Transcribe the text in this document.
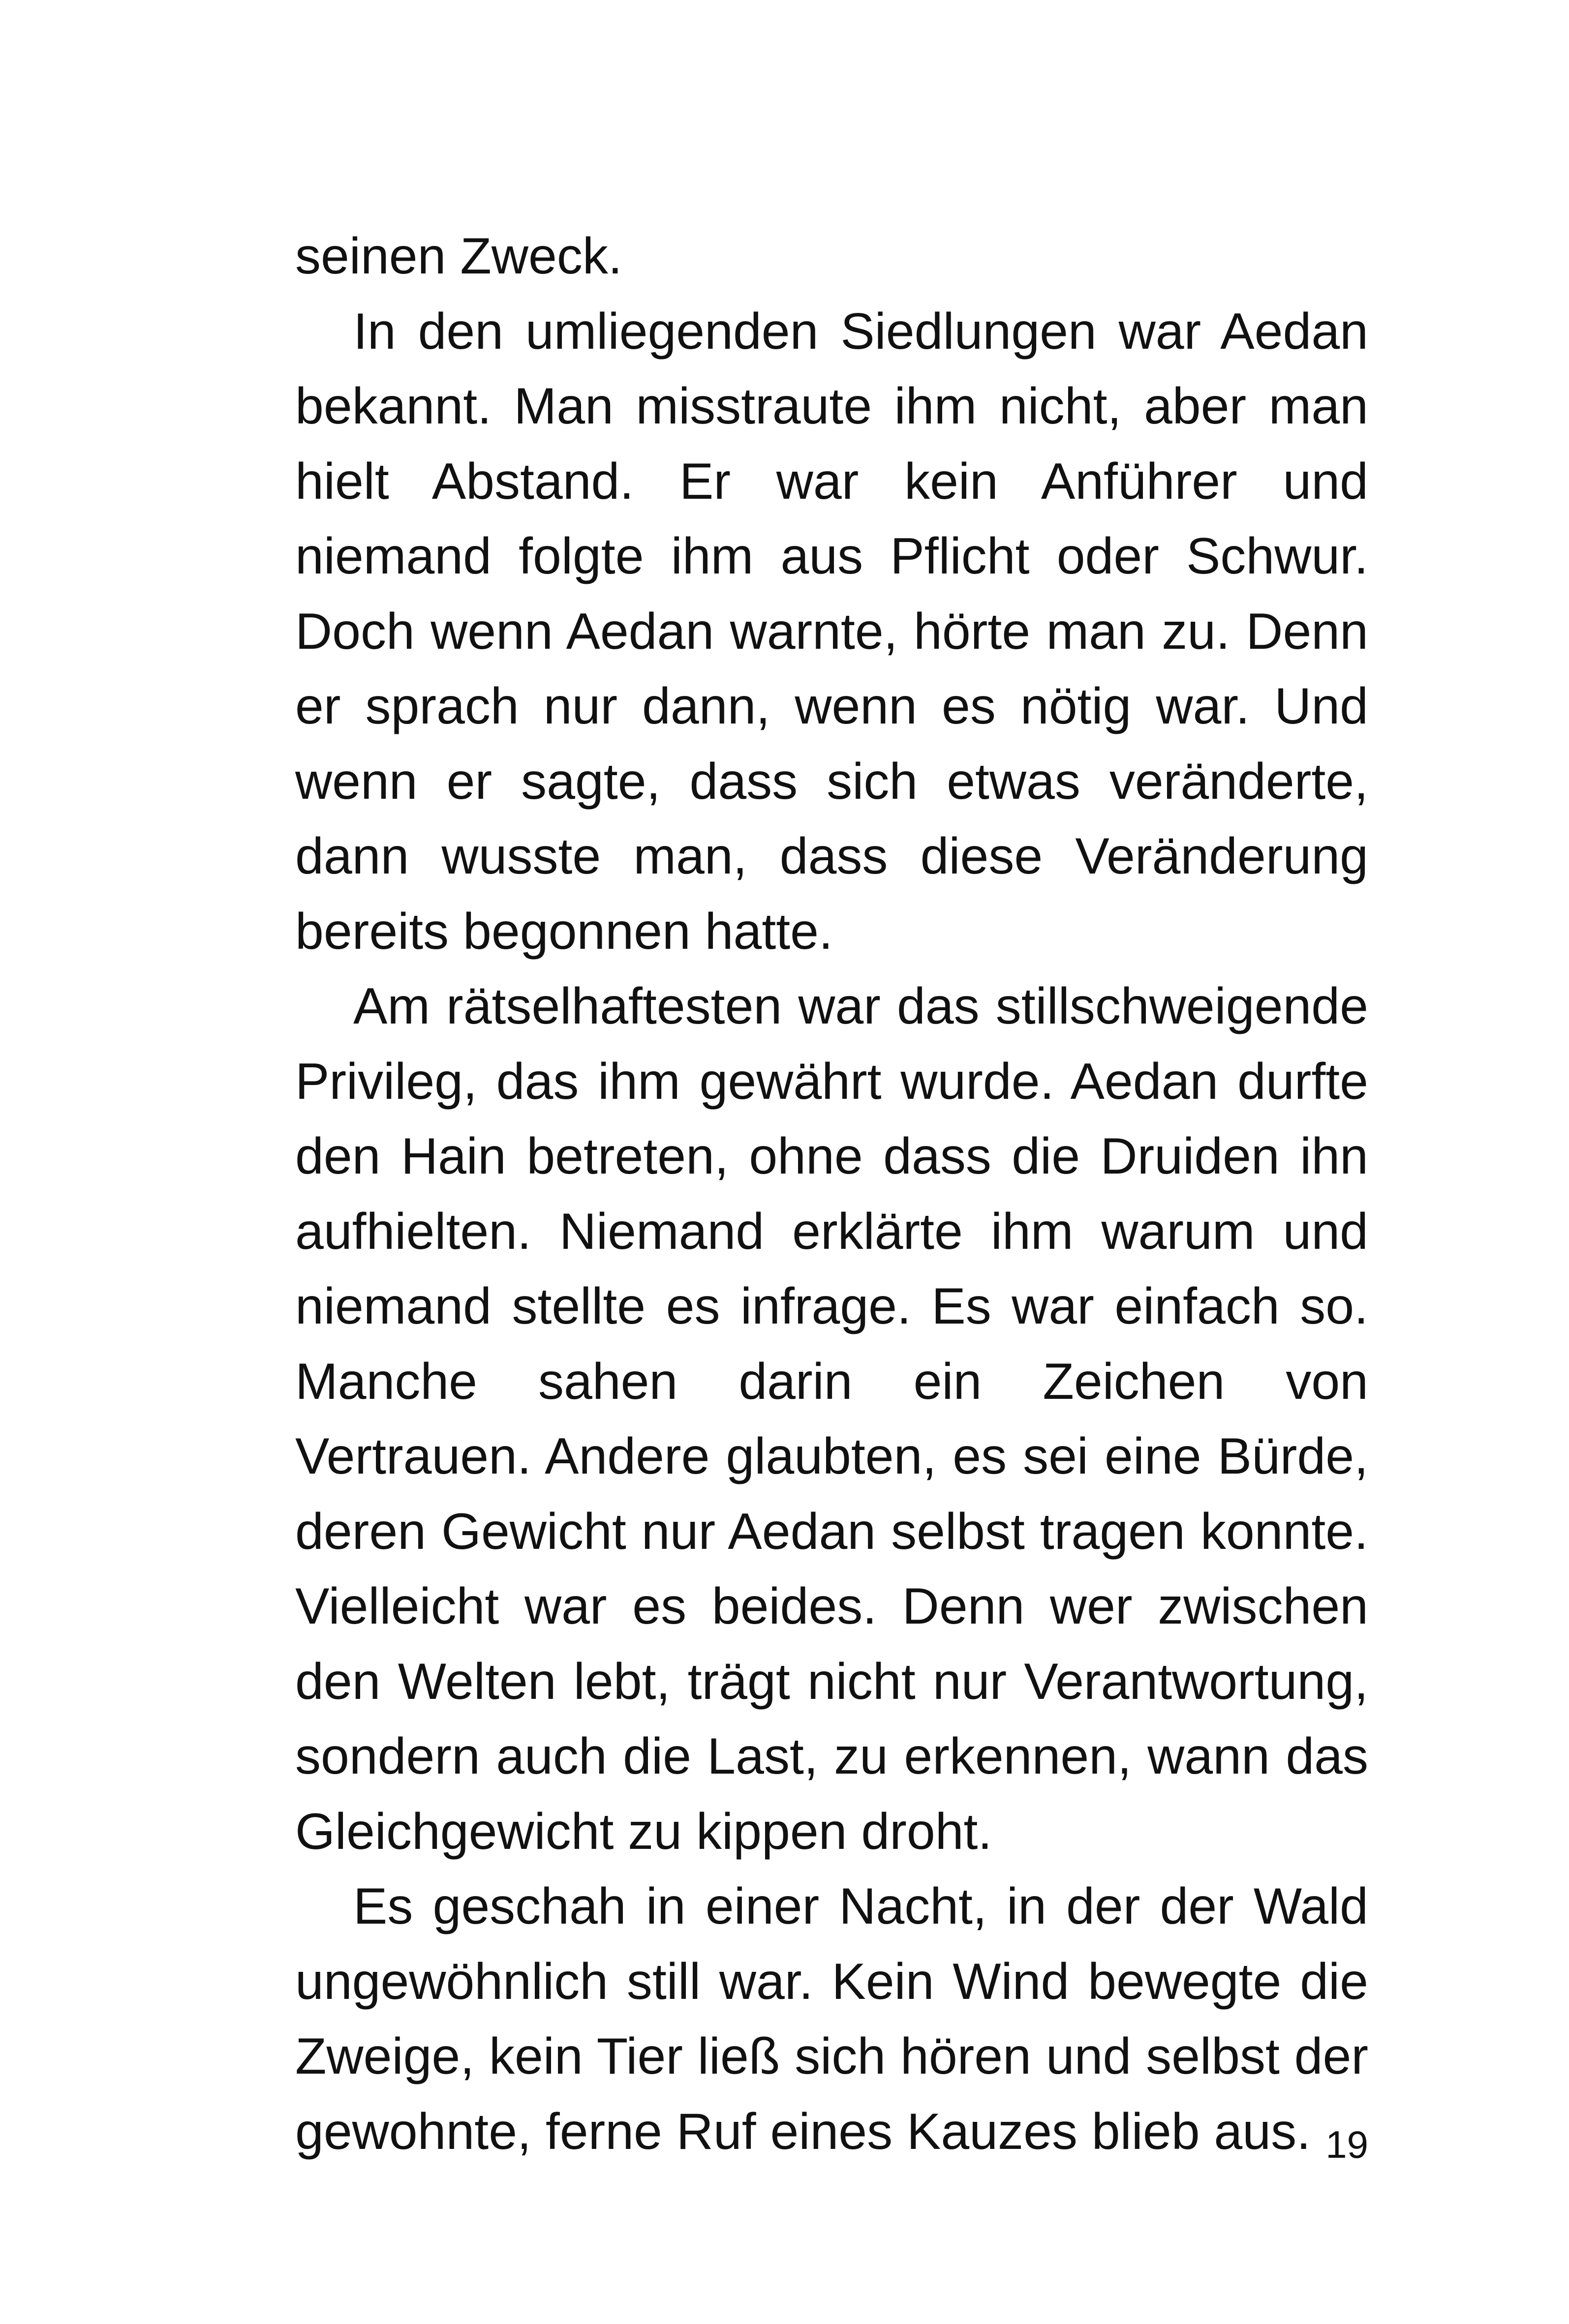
seinen Zweck.

In den umliegenden Siedlungen war Aedan bekannt. Man misstraute ihm nicht, aber man hielt Abstand. Er war kein Anführer und niemand folgte ihm aus Pflicht oder Schwur. Doch wenn Aedan warnte, hörte man zu. Denn er sprach nur dann, wenn es nötig war. Und wenn er sagte, dass sich etwas veränderte, dann wusste man, dass diese Veränderung bereits begonnen hatte.

Am rätselhaftesten war das stillschweigende Privileg, das ihm gewährt wurde. Aedan durfte den Hain betreten, ohne dass die Druiden ihn aufhielten. Niemand erklärte ihm warum und niemand stellte es infrage. Es war einfach so. Manche sahen darin ein Zeichen von Vertrauen. Andere glaubten, es sei eine Bürde, deren Gewicht nur Aedan selbst tragen konnte. Vielleicht war es beides. Denn wer zwischen den Welten lebt, trägt nicht nur Verantwortung, sondern auch die Last, zu erkennen, wann das Gleichgewicht zu kippen droht.

Es geschah in einer Nacht, in der der Wald ungewöhnlich still war. Kein Wind bewegte die Zweige, kein Tier ließ sich hören und selbst der gewohnte, ferne Ruf eines Kauzes blieb aus. 19
